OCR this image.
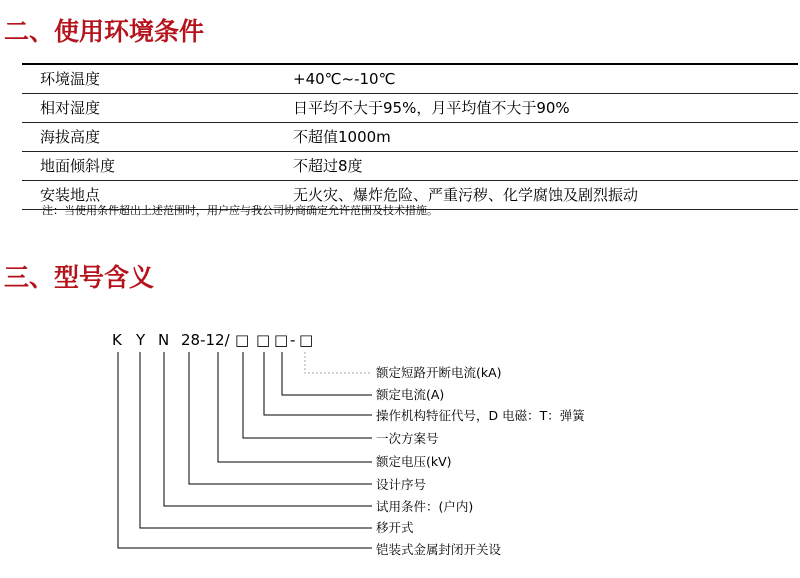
二、使用环境条件
环境温度	+40℃~-10℃
相对湿度	日平均不大于95%，月平均值不大于90%
海拔高度	不超值1000m
地面倾斜度	不超过8度
安装地点	无火灾、爆炸危险、严重污秽、化学腐蚀及剧烈振动
注：当使用条件超出上述范围时，用户应与我公司协商确定允许范围及技术措施。
三、型号含义
K Y N 28-12/ □ □ □ - □
额定短路开断电流(kA)
额定电流(A)
操作机构特征代号，D 电磁：T：弹簧
一次方案号
额定电压(kV)
设计序号
试用条件：(户内)
移开式
铠装式金属封闭开关设
